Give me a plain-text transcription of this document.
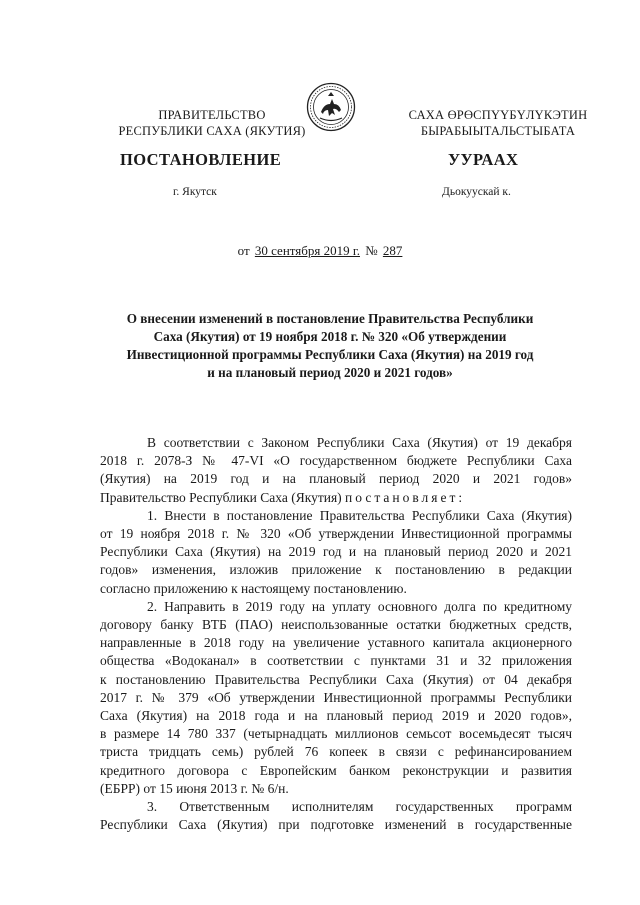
ПРАВИТЕЛЬСТВО
РЕСПУБЛИКИ САХА (ЯКУТИЯ)
САХА ӨРӨСПҮҮБҮЛҮКЭТИН
БЫРАБЫЫТАЛЬСТЫБАТА
ПОСТАНОВЛЕНИЕ	УУРААХ
г. Якутск	Дьокуускай к.
от 30 сентября 2019 г. № 287
О внесении изменений в постановление Правительства Республики
Саха (Якутия) от 19 ноября 2018 г. № 320 «Об утверждении
Инвестиционной программы Республики Саха (Якутия) на 2019 год
и на плановый период 2020 и 2021 годов»
В соответствии с Законом Республики Саха (Якутия) от 19 декабря
2018 г. 2078-З № 47-VI «О государственном бюджете Республики Саха
(Якутия) на 2019 год и на плановый период 2020 и 2021 годов»
Правительство Республики Саха (Якутия) постановляет:
1. Внести в постановление Правительства Республики Саха (Якутия)
от 19 ноября 2018 г. № 320 «Об утверждении Инвестиционной программы
Республики Саха (Якутия) на 2019 год и на плановый период 2020 и 2021
годов» изменения, изложив приложение к постановлению в редакции
согласно приложению к настоящему постановлению.
2. Направить в 2019 году на уплату основного долга по кредитному
договору банку ВТБ (ПАО) неиспользованные остатки бюджетных средств,
направленные в 2018 году на увеличение уставного капитала акционерного
общества «Водоканал» в соответствии с пунктами 31 и 32 приложения
к постановлению Правительства Республики Саха (Якутия) от 04 декабря
2017 г. № 379 «Об утверждении Инвестиционной программы Республики
Саха (Якутия) на 2018 года и на плановый период 2019 и 2020 годов»,
в размере 14 780 337 (четырнадцать миллионов семьсот восемьдесят тысяч
триста тридцать семь) рублей 76 копеек в связи с рефинансированием
кредитного договора с Европейским банком реконструкции и развития
(ЕБРР) от 15 июня 2013 г. № 6/н.
3. Ответственным исполнителям государственных программ
Республики Саха (Якутия) при подготовке изменений в государственные
